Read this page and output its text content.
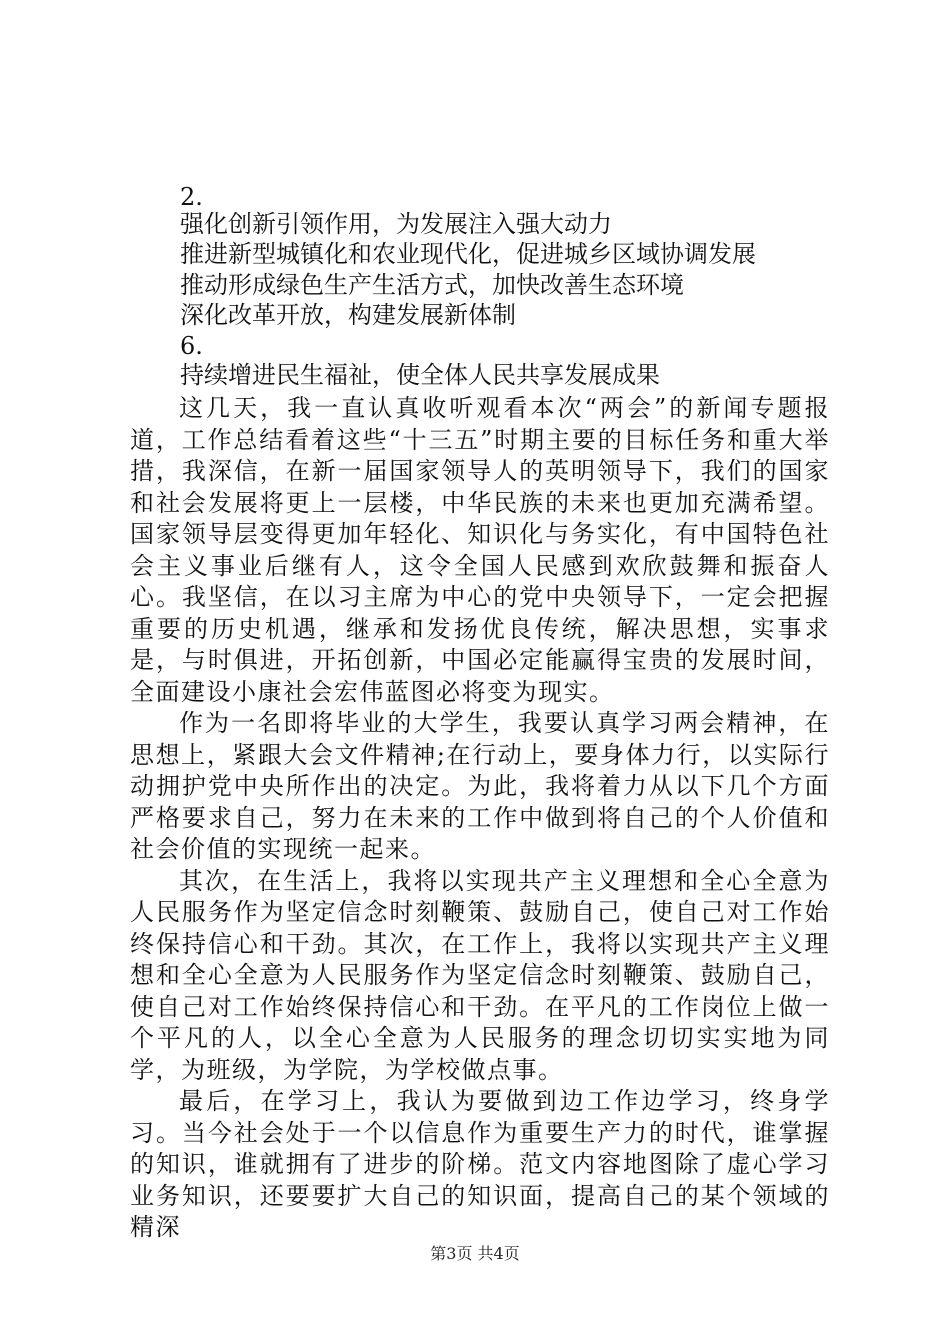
2.
强化创新引领作用，为发展注入强大动力
推进新型城镇化和农业现代化，促进城乡区域协调发展
推动形成绿色生产生活方式，加快改善生态环境
深化改革开放，构建发展新体制
6.
持续增进民生福祉，使全体人民共享发展成果

这几天，我一直认真收听观看本次“两会”的新闻专题报道，工作总结看着这些“十三五”时期主要的目标任务和重大举措，我深信，在新一届国家领导人的英明领导下，我们的国家和社会发展将更上一层楼，中华民族的未来也更加充满希望。国家领导层变得更加年轻化、知识化与务实化，有中国特色社会主义事业后继有人，这令全国人民感到欢欣鼓舞和振奋人心。我坚信，在以习主席为中心的党中央领导下，一定会把握重要的历史机遇，继承和发扬优良传统，解决思想，实事求是，与时俱进，开拓创新，中国必定能赢得宝贵的发展时间，全面建设小康社会宏伟蓝图必将变为现实。

作为一名即将毕业的大学生，我要认真学习两会精神，在思想上，紧跟大会文件精神;在行动上，要身体力行，以实际行动拥护党中央所作出的决定。为此，我将着力从以下几个方面严格要求自己，努力在未来的工作中做到将自己的个人价值和社会价值的实现统一起来。

其次，在生活上，我将以实现共产主义理想和全心全意为人民服务作为坚定信念时刻鞭策、鼓励自己，使自己对工作始终保持信心和干劲。其次，在工作上，我将以实现共产主义理想和全心全意为人民服务作为坚定信念时刻鞭策、鼓励自己，使自己对工作始终保持信心和干劲。在平凡的工作岗位上做一个平凡的人，以全心全意为人民服务的理念切切实实地为同学，为班级，为学院，为学校做点事。

最后，在学习上，我认为要做到边工作边学习，终身学习。当今社会处于一个以信息作为重要生产力的时代，谁掌握的知识，谁就拥有了进步的阶梯。范文内容地图除了虚心学习业务知识，还要要扩大自己的知识面，提高自己的某个领域的精深

第3页 共4页
